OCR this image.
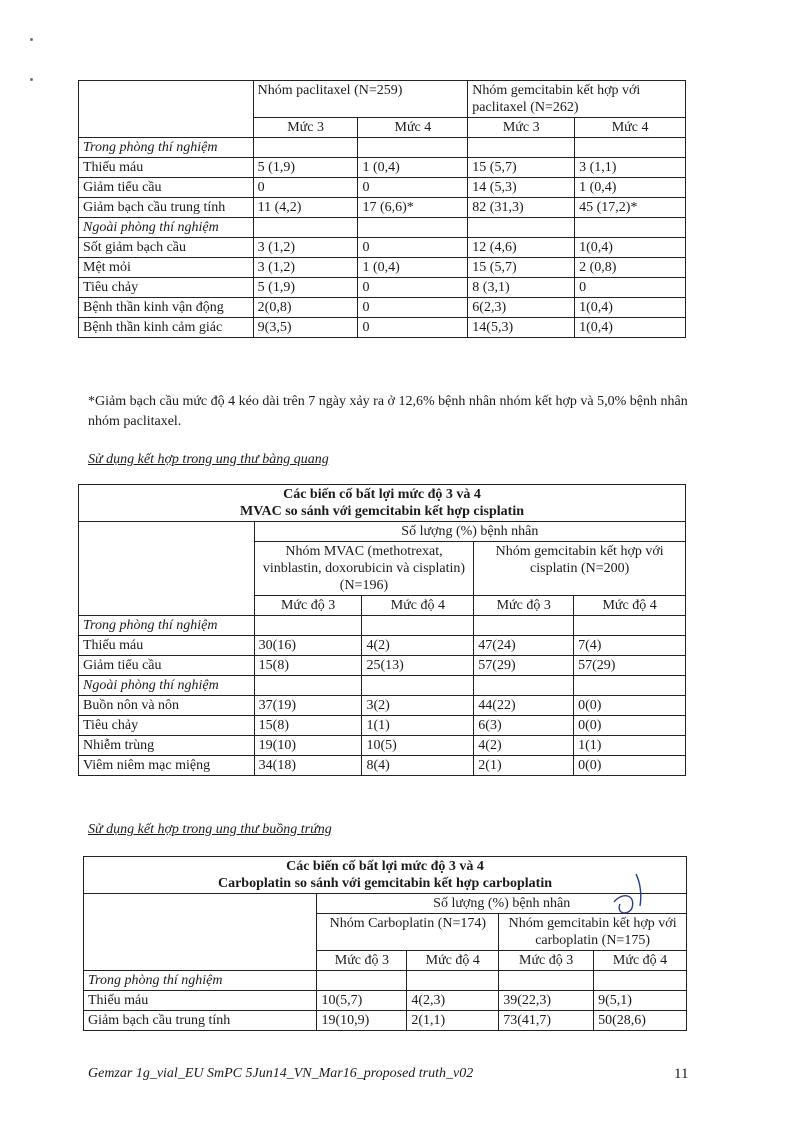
	Nhóm paclitaxel (N=259)		Nhóm gemcitabin kết hợp với paclitaxel (N=262)	
	Mức 3	Mức 4	Mức 3	Mức 4
Trong phòng thí nghiệm				
Thiếu máu	5 (1,9)	1 (0,4)	15 (5,7)	3 (1,1)
Giảm tiểu cầu	0	0	14 (5,3)	1 (0,4)
Giảm bạch cầu trung tính	11 (4,2)	17 (6,6)*	82 (31,3)	45 (17,2)*
Ngoài phòng thí nghiệm				
Sốt giảm bạch cầu	3 (1,2)	0	12 (4,6)	1(0,4)
Mệt mỏi	3 (1,2)	1 (0,4)	15 (5,7)	2 (0,8)
Tiêu chảy	5 (1,9)	0	8 (3,1)	0
Bệnh thần kinh vận động	2(0,8)	0	6(2,3)	1(0,4)
Bệnh thần kinh cảm giác	9(3,5)	0	14(5,3)	1(0,4)
*Giảm bạch cầu mức độ 4 kéo dài trên 7 ngày xảy ra ở 12,6% bệnh nhân nhóm kết hợp và 5,0% bệnh nhân nhóm paclitaxel.
Sử dụng kết hợp trong ung thư bàng quang
Các biến cố bất lợi mức độ 3 và 4
MVAC so sánh với gemcitabin kết hợp cisplatin				

	Số lượng (%) bệnh nhân			
	Nhóm MVAC (methotrexat, vinblastin, doxorubicin và cisplatin) (N=196)		Nhóm gemcitabin kết hợp với cisplatin (N=200)	
	Mức độ 3	Mức độ 4	Mức độ 3	Mức độ 4
Trong phòng thí nghiệm				
Thiếu máu	30(16)	4(2)	47(24)	7(4)
Giảm tiểu cầu	15(8)	25(13)	57(29)	57(29)
Ngoài phòng thí nghiệm				
Buồn nôn và nôn	37(19)	3(2)	44(22)	0(0)
Tiêu chảy	15(8)	1(1)	6(3)	0(0)
Nhiễm trùng	19(10)	10(5)	4(2)	1(1)
Viêm niêm mạc miệng	34(18)	8(4)	2(1)	0(0)
Sử dụng kết hợp trong ung thư buồng trứng
Các biến cố bất lợi mức độ 3 và 4
Carboplatin so sánh với gemcitabin kết hợp carboplatin				

	Số lượng (%) bệnh nhân			
	Nhóm Carboplatin (N=174)		Nhóm gemcitabin kết hợp với carboplatin (N=175)	
	Mức độ 3	Mức độ 4	Mức độ 3	Mức độ 4
Trong phòng thí nghiệm				
Thiếu máu	10(5,7)	4(2,3)	39(22,3)	9(5,1)
Giảm bạch cầu trung tính	19(10,9)	2(1,1)	73(41,7)	50(28,6)
Gemzar 1g_vial_EU SmPC 5Jun14_VN_Mar16_proposed truth_v02	11
